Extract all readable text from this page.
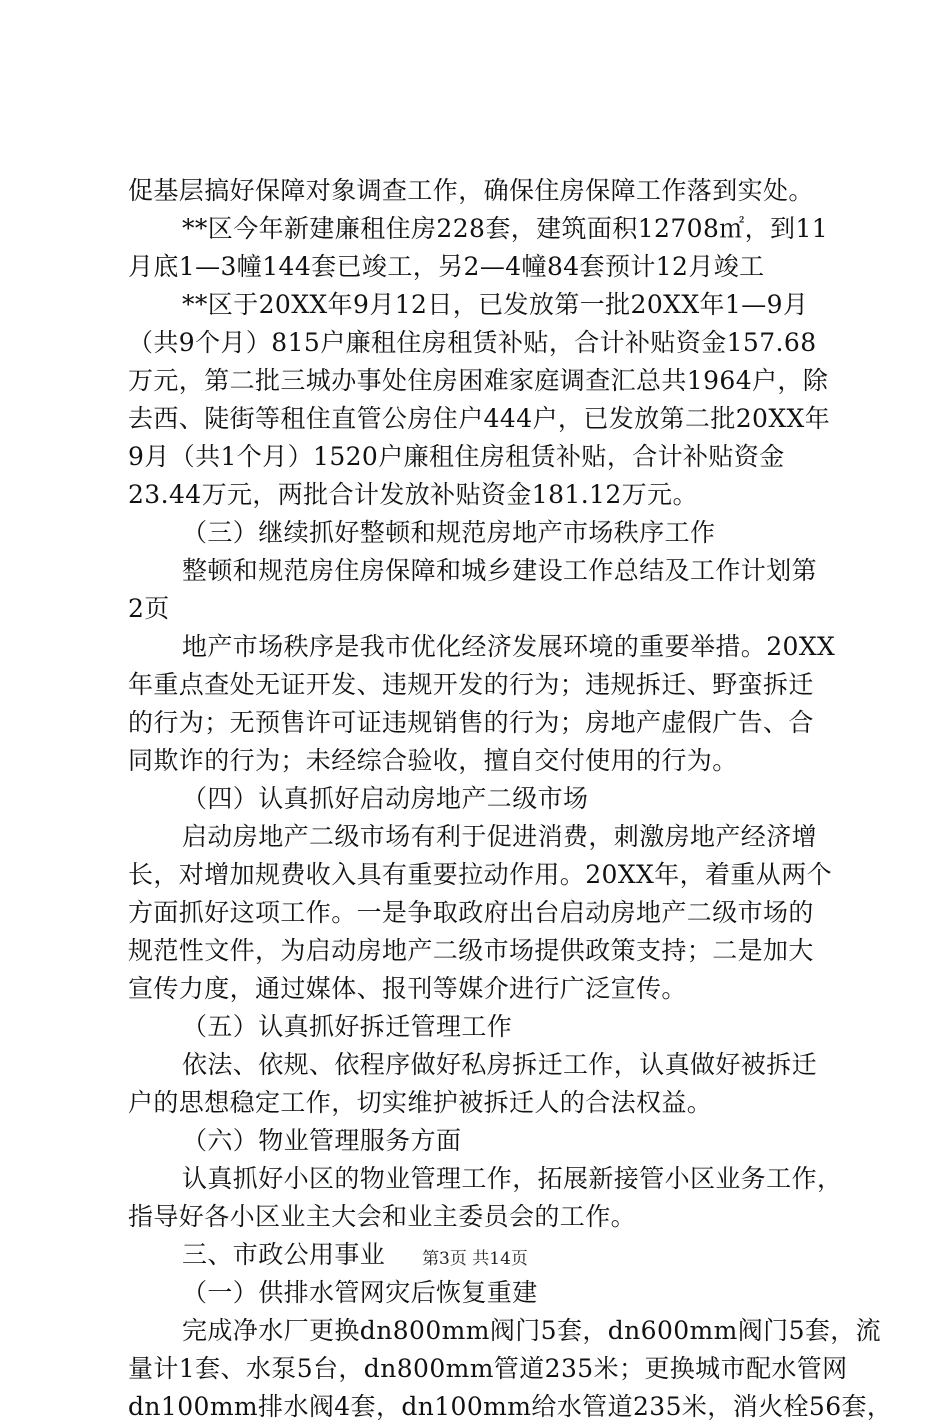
促基层搞好保障对象调查工作，确保住房保障工作落到实处。
**区今年新建廉租住房228套，建筑面积12708㎡，到11
月底1—3幢144套已竣工，另2—4幢84套预计12月竣工
**区于20XX年9月12日，已发放第一批20XX年1—9月
（共9个月）815户廉租住房租赁补贴，合计补贴资金157.68
万元，第二批三城办事处住房困难家庭调查汇总共1964户，除
去西、陡街等租住直管公房住户444户，已发放第二批20XX年
9月（共1个月）1520户廉租住房租赁补贴，合计补贴资金
23.44万元，两批合计发放补贴资金181.12万元。
（三）继续抓好整顿和规范房地产市场秩序工作
整顿和规范房住房保障和城乡建设工作总结及工作计划第
2页
地产市场秩序是我市优化经济发展环境的重要举措。20XX
年重点查处无证开发、违规开发的行为；违规拆迁、野蛮拆迁
的行为；无预售许可证违规销售的行为；房地产虚假广告、合
同欺诈的行为；未经综合验收，擅自交付使用的行为。
（四）认真抓好启动房地产二级市场
启动房地产二级市场有利于促进消费，刺激房地产经济增
长，对增加规费收入具有重要拉动作用。20XX年，着重从两个
方面抓好这项工作。一是争取政府出台启动房地产二级市场的
规范性文件，为启动房地产二级市场提供政策支持；二是加大
宣传力度，通过媒体、报刊等媒介进行广泛宣传。
（五）认真抓好拆迁管理工作
依法、依规、依程序做好私房拆迁工作，认真做好被拆迁
户的思想稳定工作，切实维护被拆迁人的合法权益。
（六）物业管理服务方面
认真抓好小区的物业管理工作，拓展新接管小区业务工作，
指导好各小区业主大会和业主委员会的工作。
三、市政公用事业
（一）供排水管网灾后恢复重建
完成净水厂更换dn800mm阀门5套，dn600mm阀门5套，流
量计1套、水泵5台，dn800mm管道235米；更换城市配水管网
dn100mm排水阀4套，dn100mm给水管道235米，消火栓56套，
第3页 共14页
